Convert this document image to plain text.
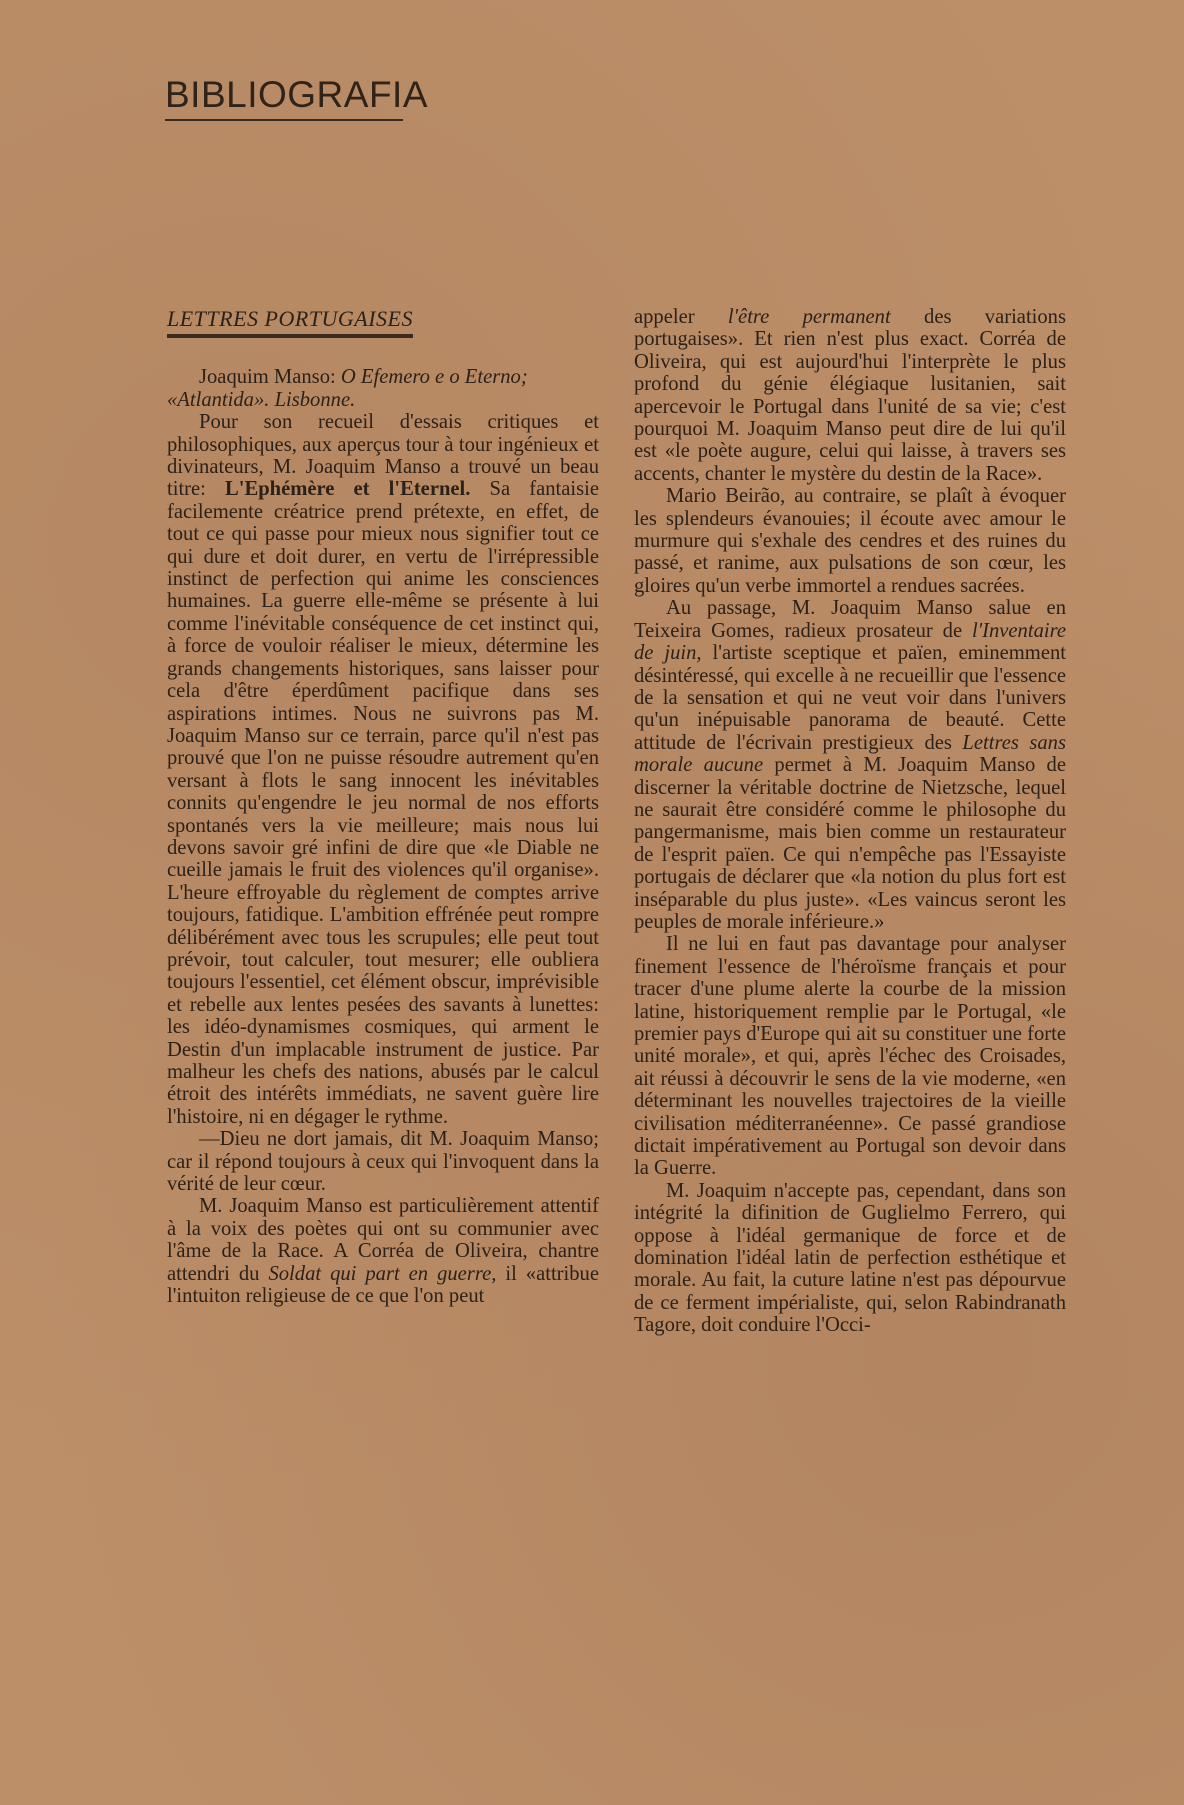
BIBLIOGRAFIA
LETTRES PORTUGAISES

Joaquim Manso: O Efemero e o Eterno; «Atlantida». Lisbonne.

Pour son recueil d'essais critiques et philosophiques, aux aperçus tour à tour ingénieux et divinateurs, M. Joaquim Manso a trouvé un beau titre: L'Ephémère et l'Eternel. Sa fantaisie facilemente créatrice prend prétexte, en effet, de tout ce qui passe pour mieux nous signifier tout ce qui dure et doit durer, en vertu de l'irrépressible instinct de perfection qui anime les consciences humaines. La guerre elle-même se présente à lui comme l'inévitable conséquence de cet instinct qui, à force de vouloir réaliser le mieux, détermine les grands changements historiques, sans laisser pour cela d'être éperdûment pacifique dans ses aspirations intimes. Nous ne suivrons pas M. Joaquim Manso sur ce terrain, parce qu'il n'est pas prouvé que l'on ne puisse résoudre autrement qu'en versant à flots le sang innocent les inévitables connits qu'engendre le jeu normal de nos efforts spontanés vers la vie meilleure; mais nous lui devons savoir gré infini de dire que «le Diable ne cueille jamais le fruit des violences qu'il organise». L'heure effroyable du règlement de comptes arrive toujours, fatidique. L'ambition effrénée peut rompre délibérément avec tous les scrupules; elle peut tout prévoir, tout calculer, tout mesurer; elle oubliera toujours l'essentiel, cet élément obscur, imprévisible et rebelle aux lentes pesées des savants à lunettes: les idéo-dynamismes cosmiques, qui arment le Destin d'un implacable instrument de justice. Par malheur les chefs des nations, abusés par le calcul étroit des intérêts immédiats, ne savent guère lire l'histoire, ni en dégager le rythme.

—Dieu ne dort jamais, dit M. Joaquim Manso; car il répond toujours à ceux qui l'invoquent dans la vérité de leur cœur.

M. Joaquim Manso est particulièrement attentif à la voix des poètes qui ont su communier avec l'âme de la Race. A Corréa de Oliveira, chantre attendri du Soldat qui part en guerre, il «attribue l'intuiton religieuse de ce que l'on peut

appeler l'être permanent des variations portugaises». Et rien n'est plus exact. Corréa de Oliveira, qui est aujourd'hui l'interprète le plus profond du génie élégiaque lusitanien, sait apercevoir le Portugal dans l'unité de sa vie; c'est pourquoi M. Joaquim Manso peut dire de lui qu'il est «le poète augure, celui qui laisse, à travers ses accents, chanter le mystère du destin de la Race».

Mario Beirão, au contraire, se plaît à évoquer les splendeurs évanouies; il écoute avec amour le murmure qui s'exhale des cendres et des ruines du passé, et ranime, aux pulsations de son cœur, les gloires qu'un verbe immortel a rendues sacrées.

Au passage, M. Joaquim Manso salue en Teixeira Gomes, radieux prosateur de l'Inventaire de juin, l'artiste sceptique et païen, eminemment désintéressé, qui excelle à ne recueillir que l'essence de la sensation et qui ne veut voir dans l'univers qu'un inépuisable panorama de beauté. Cette attitude de l'écrivain prestigieux des Lettres sans morale aucune permet à M. Joaquim Manso de discerner la véritable doctrine de Nietzsche, lequel ne saurait être considéré comme le philosophe du pangermanisme, mais bien comme un restaurateur de l'esprit païen. Ce qui n'empêche pas l'Essayiste portugais de déclarer que «la notion du plus fort est inséparable du plus juste». «Les vaincus seront les peuples de morale inférieure.»

Il ne lui en faut pas davantage pour analyser finement l'essence de l'héroïsme français et pour tracer d'une plume alerte la courbe de la mission latine, historiquement remplie par le Portugal, «le premier pays d'Europe qui ait su constituer une forte unité morale», et qui, après l'échec des Croisades, ait réussi à découvrir le sens de la vie moderne, «en déterminant les nouvelles trajectoires de la vieille civilisation méditerranéenne». Ce passé grandiose dictait impérativement au Portugal son devoir dans la Guerre.

M. Joaquim n'accepte pas, cependant, dans son intégrité la difinition de Guglielmo Ferrero, qui oppose à l'idéal germanique de force et de domination l'idéal latin de perfection esthétique et morale. Au fait, la cuture latine n'est pas dépourvue de ce ferment impérialiste, qui, selon Rabindranath Tagore, doit conduire l'Occi-
